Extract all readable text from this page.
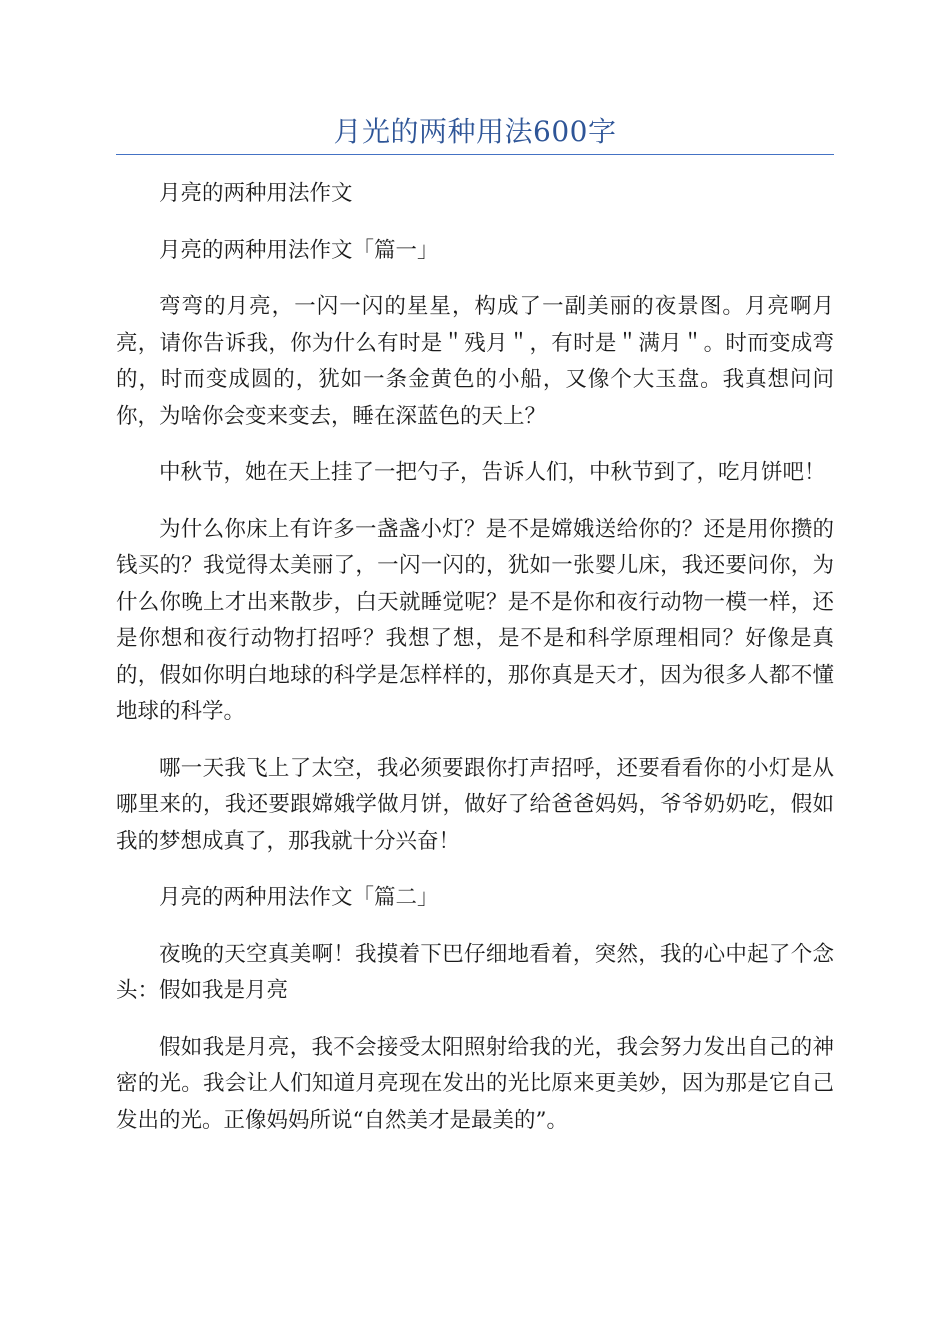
月光的两种用法600字

月亮的两种用法作文

月亮的两种用法作文「篇一」

弯弯的月亮，一闪一闪的星星，构成了一副美丽的夜景图。月亮啊月亮，请你告诉我，你为什么有时是＂残月＂，有时是＂满月＂。时而变成弯的，时而变成圆的，犹如一条金黄色的小船，又像个大玉盘。我真想问问你，为啥你会变来变去，睡在深蓝色的天上？

中秋节，她在天上挂了一把勺子，告诉人们，中秋节到了，吃月饼吧！

为什么你床上有许多一盏盏小灯？是不是嫦娥送给你的？还是用你攒的钱买的？我觉得太美丽了，一闪一闪的，犹如一张婴儿床，我还要问你，为什么你晚上才出来散步，白天就睡觉呢？是不是你和夜行动物一模一样，还是你想和夜行动物打招呼？我想了想，是不是和科学原理相同？好像是真的，假如你明白地球的科学是怎样样的，那你真是天才，因为很多人都不懂地球的科学。

哪一天我飞上了太空，我必须要跟你打声招呼，还要看看你的小灯是从哪里来的，我还要跟嫦娥学做月饼，做好了给爸爸妈妈，爷爷奶奶吃，假如我的梦想成真了，那我就十分兴奋！

月亮的两种用法作文「篇二」

夜晚的天空真美啊！我摸着下巴仔细地看着，突然，我的心中起了个念头：假如我是月亮

假如我是月亮，我不会接受太阳照射给我的光，我会努力发出自己的神密的光。我会让人们知道月亮现在发出的光比原来更美妙，因为那是它自己发出的光。正像妈妈所说“自然美才是最美的”。
